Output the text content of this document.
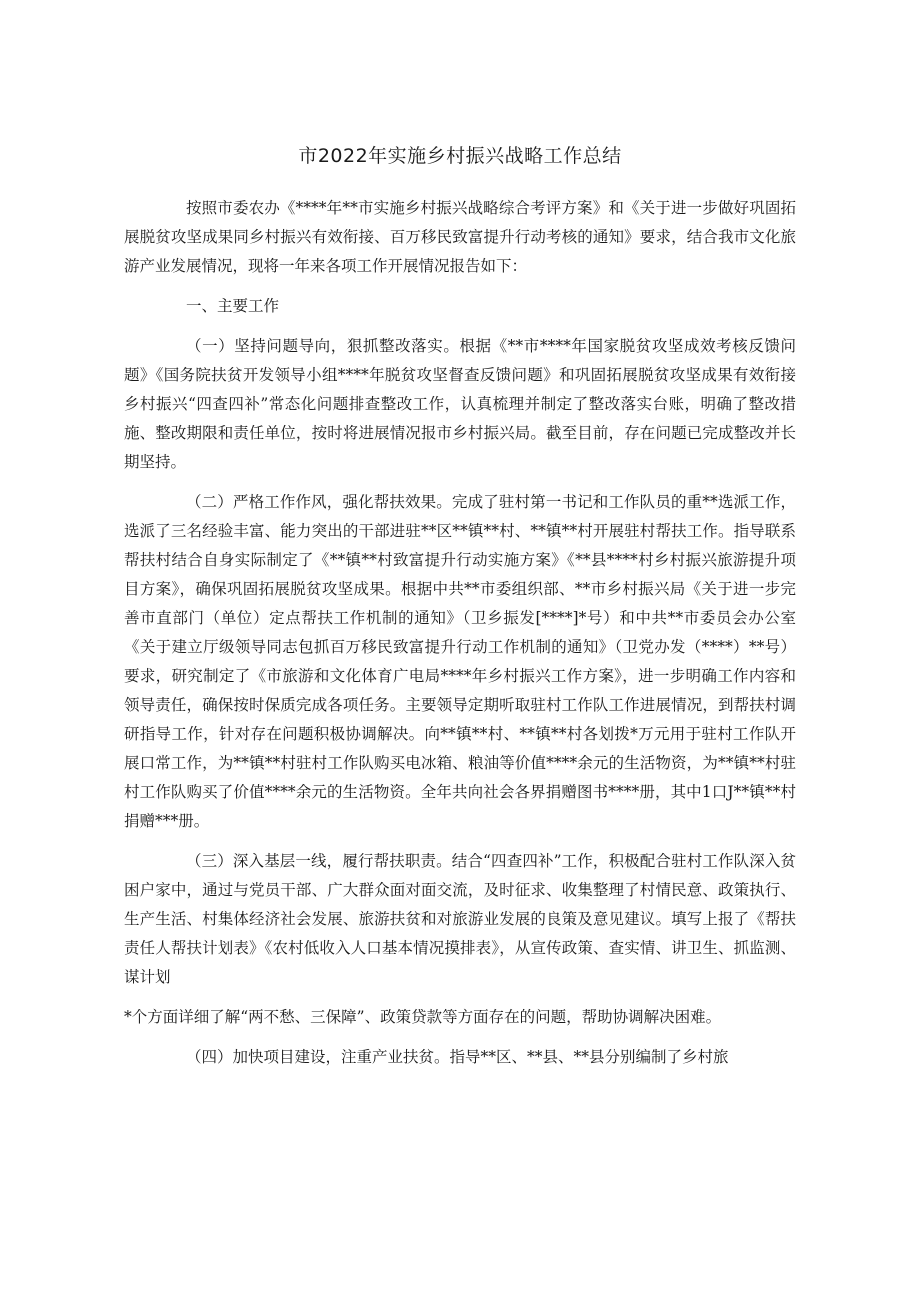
市2022年实施乡村振兴战略工作总结

按照市委农办《****年**市实施乡村振兴战略综合考评方案》和《关于进一步做好巩固拓展脱贫攻坚成果同乡村振兴有效衔接、百万移民致富提升行动考核的通知》要求，结合我市文化旅游产业发展情况，现将一年来各项工作开展情况报告如下：

一、主要工作

（一）坚持问题导向，狠抓整改落实。根据《**市****年国家脱贫攻坚成效考核反馈问题》《国务院扶贫开发领导小组****年脱贫攻坚督查反馈问题》和巩固拓展脱贫攻坚成果有效衔接乡村振兴“四查四补”常态化问题排查整改工作，认真梳理并制定了整改落实台账，明确了整改措施、整改期限和责任单位，按时将进展情况报市乡村振兴局。截至目前，存在问题已完成整改并长期坚持。

（二）严格工作作风，强化帮扶效果。完成了驻村第一书记和工作队员的重**选派工作，选派了三名经验丰富、能力突出的干部进驻**区**镇**村、**镇**村开展驻村帮扶工作。指导联系帮扶村结合自身实际制定了《**镇**村致富提升行动实施方案》《**县****村乡村振兴旅游提升项目方案》，确保巩固拓展脱贫攻坚成果。根据中共**市委组织部、**市乡村振兴局《关于进一步完善市直部门（单位）定点帮扶工作机制的通知》（卫乡振发[****]*号）和中共**市委员会办公室《关于建立厅级领导同志包抓百万移民致富提升行动工作机制的通知》（卫党办发（****）**号）要求，研究制定了《市旅游和文化体育广电局****年乡村振兴工作方案》，进一步明确工作内容和领导责任，确保按时保质完成各项任务。主要领导定期听取驻村工作队工作进展情况，到帮扶村调研指导工作，针对存在问题积极协调解决。向**镇**村、**镇**村各划拨*万元用于驻村工作队开展口常工作，为**镇**村驻村工作队购买电冰箱、粮油等价值****余元的生活物资，为**镇**村驻村工作队购买了价值****余元的生活物资。全年共向社会各界捐赠图书****册，其中1口J**镇**村捐赠***册。

（三）深入基层一线，履行帮扶职责。结合“四查四补”工作，积极配合驻村工作队深入贫困户家中，通过与党员干部、广大群众面对面交流，及时征求、收集整理了村情民意、政策执行、生产生活、村集体经济社会发展、旅游扶贫和对旅游业发展的良策及意见建议。填写上报了《帮扶责任人帮扶计划表》《农村低收入人口基本情况摸排表》，从宣传政策、查实情、讲卫生、抓监测、谋计划

*个方面详细了解“两不愁、三保障”、政策贷款等方面存在的问题，帮助协调解决困难。

（四）加快项目建设，注重产业扶贫。指导**区、**县、**县分别编制了乡村旅
